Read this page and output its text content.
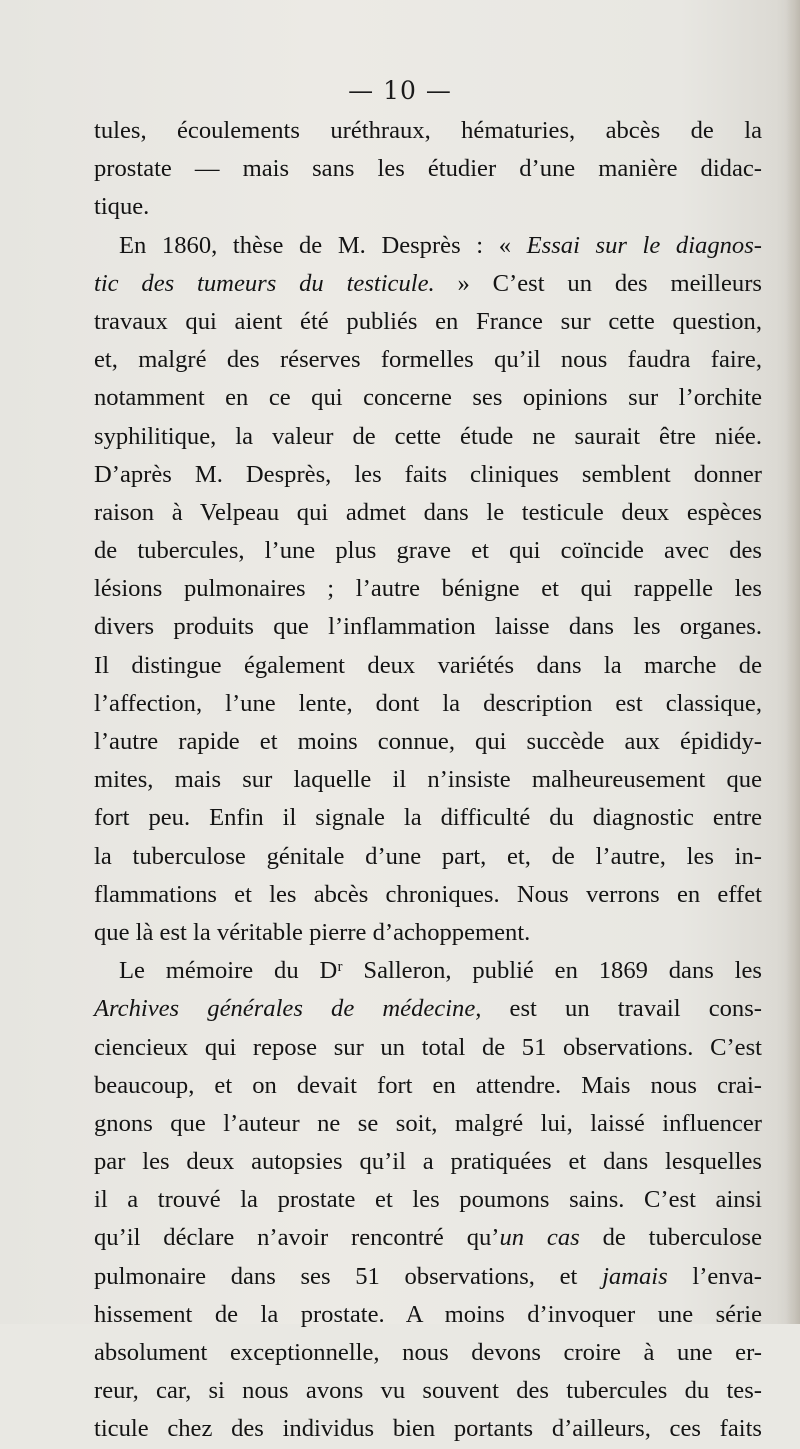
— 10 —
tules, écoulements uréthraux, hématuries, abcès de la
prostate — mais sans les étudier d’une manière didac-
tique.
En 1860, thèse de M. Desprès : « Essai sur le diagnos-
tic des tumeurs du testicule. » C’est un des meilleurs
travaux qui aient été publiés en France sur cette question,
et, malgré des réserves formelles qu’il nous faudra faire,
notamment en ce qui concerne ses opinions sur l’orchite
syphilitique, la valeur de cette étude ne saurait être niée.
D’après M. Desprès, les faits cliniques semblent donner
raison à Velpeau qui admet dans le testicule deux espèces
de tubercules, l’une plus grave et qui coïncide avec des
lésions pulmonaires ; l’autre bénigne et qui rappelle les
divers produits que l’inflammation laisse dans les organes.
Il distingue également deux variétés dans la marche de
l’affection, l’une lente, dont la description est classique,
l’autre rapide et moins connue, qui succède aux épididy-
mites, mais sur laquelle il n’insiste malheureusement que
fort peu. Enfin il signale la difficulté du diagnostic entre
la tuberculose génitale d’une part, et, de l’autre, les in-
flammations et les abcès chroniques. Nous verrons en effet
que là est la véritable pierre d’achoppement.
Le mémoire du Dʳ Salleron, publié en 1869 dans les
Archives générales de médecine, est un travail cons-
ciencieux qui repose sur un total de 51 observations. C’est
beaucoup, et on devait fort en attendre. Mais nous crai-
gnons que l’auteur ne se soit, malgré lui, laissé influencer
par les deux autopsies qu’il a pratiquées et dans lesquelles
il a trouvé la prostate et les poumons sains. C’est ainsi
qu’il déclare n’avoir rencontré qu’un cas de tuberculose
pulmonaire dans ses 51 observations, et jamais l’enva-
hissement de la prostate. A moins d’invoquer une série
absolument exceptionnelle, nous devons croire à une er-
reur, car, si nous avons vu souvent des tubercules du tes-
ticule chez des individus bien portants d’ailleurs, ces faits
